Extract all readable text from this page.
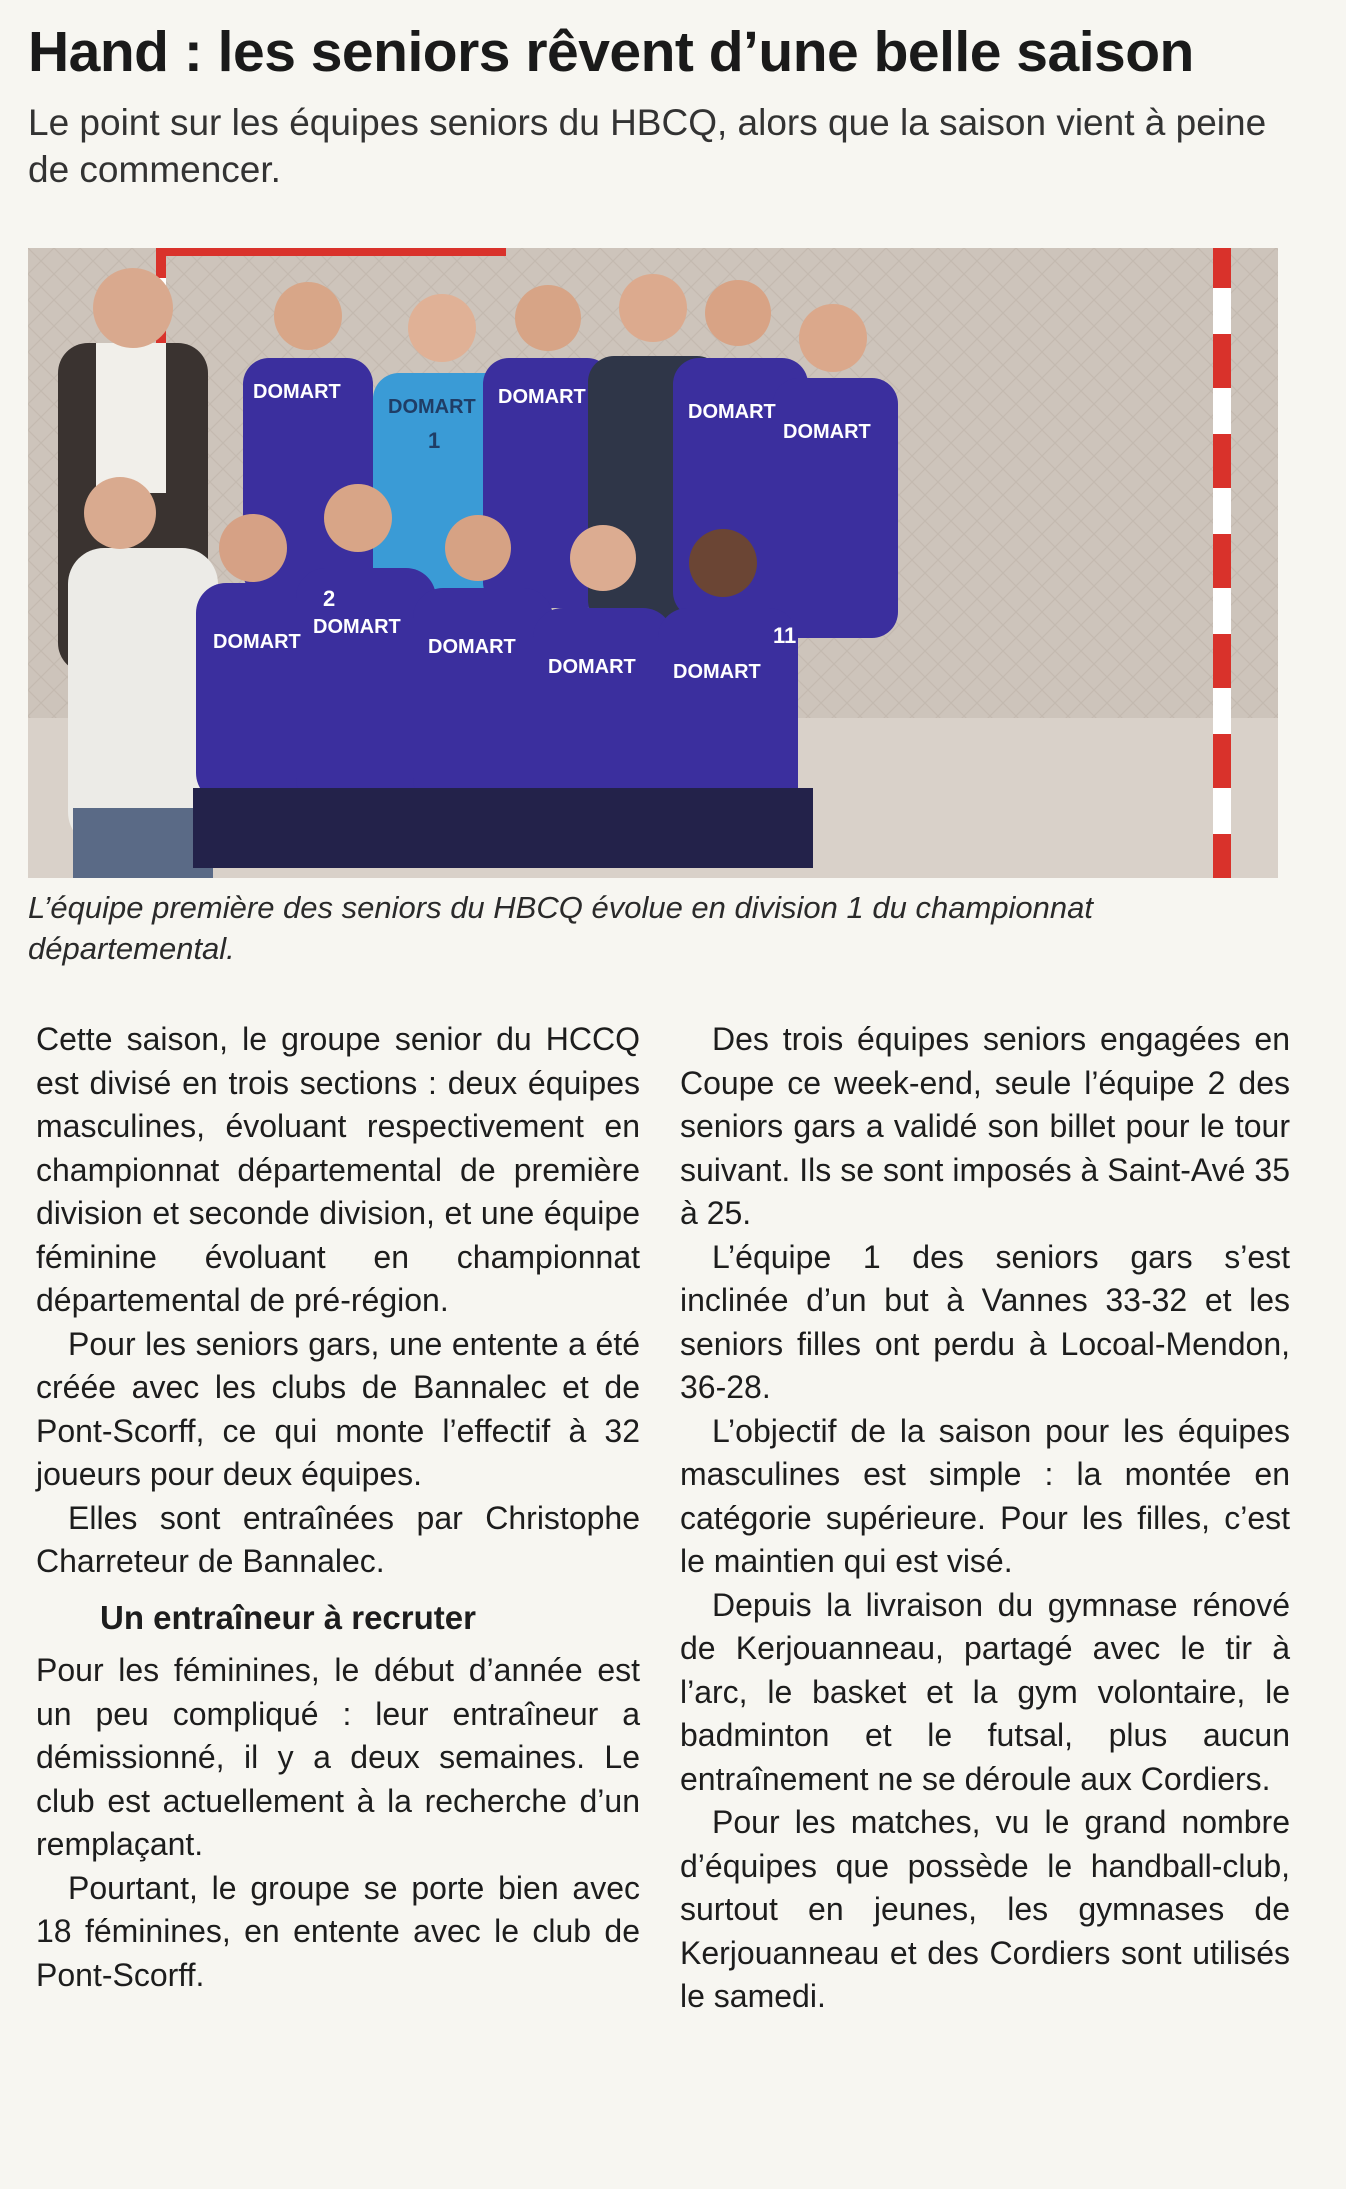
Hand : les seniors rêvent d’une belle saison
Le point sur les équipes seniors du HBCQ, alors que la saison vient à peine de commencer.
DOMART
DOMART DOMART
DOMART
DOMART
DOMART
DOMART
DOMART
DOMART DOMART
1
2
11
L’équipe première des seniors du HBCQ évolue en division 1 du championnat départemental.

Cette saison, le groupe senior du HCCQ est divisé en trois sections : deux équipes masculines, évoluant respectivement en championnat départemental de première division et seconde division, et une équipe féminine évoluant en championnat départemental de pré-région.

Pour les seniors gars, une entente a été créée avec les clubs de Bannalec et de Pont-Scorff, ce qui monte l’effectif à 32 joueurs pour deux équipes.

Elles sont entraînées par Christophe Charreteur de Bannalec.

Un entraîneur à recruter

Pour les féminines, le début d’année est un peu compliqué : leur entraîneur a démissionné, il y a deux semaines. Le club est actuellement à la recherche d’un remplaçant.

Pourtant, le groupe se porte bien avec 18 féminines, en entente avec le club de Pont-Scorff.

Des trois équipes seniors engagées en Coupe ce week-end, seule l’équipe 2 des seniors gars a validé son billet pour le tour suivant. Ils se sont imposés à Saint-Avé 35 à 25.

L’équipe 1 des seniors gars s’est inclinée d’un but à Vannes 33-32 et les seniors filles ont perdu à Locoal-Mendon, 36-28.

L’objectif de la saison pour les équipes masculines est simple : la montée en catégorie supérieure. Pour les filles, c’est le maintien qui est visé.

Depuis la livraison du gymnase rénové de Kerjouanneau, partagé avec le tir à l’arc, le basket et la gym volontaire, le badminton et le futsal, plus aucun entraînement ne se déroule aux Cordiers.

Pour les matches, vu le grand nombre d’équipes que possède le handball-club, surtout en jeunes, les gymnases de Kerjouanneau et des Cordiers sont utilisés le samedi.
